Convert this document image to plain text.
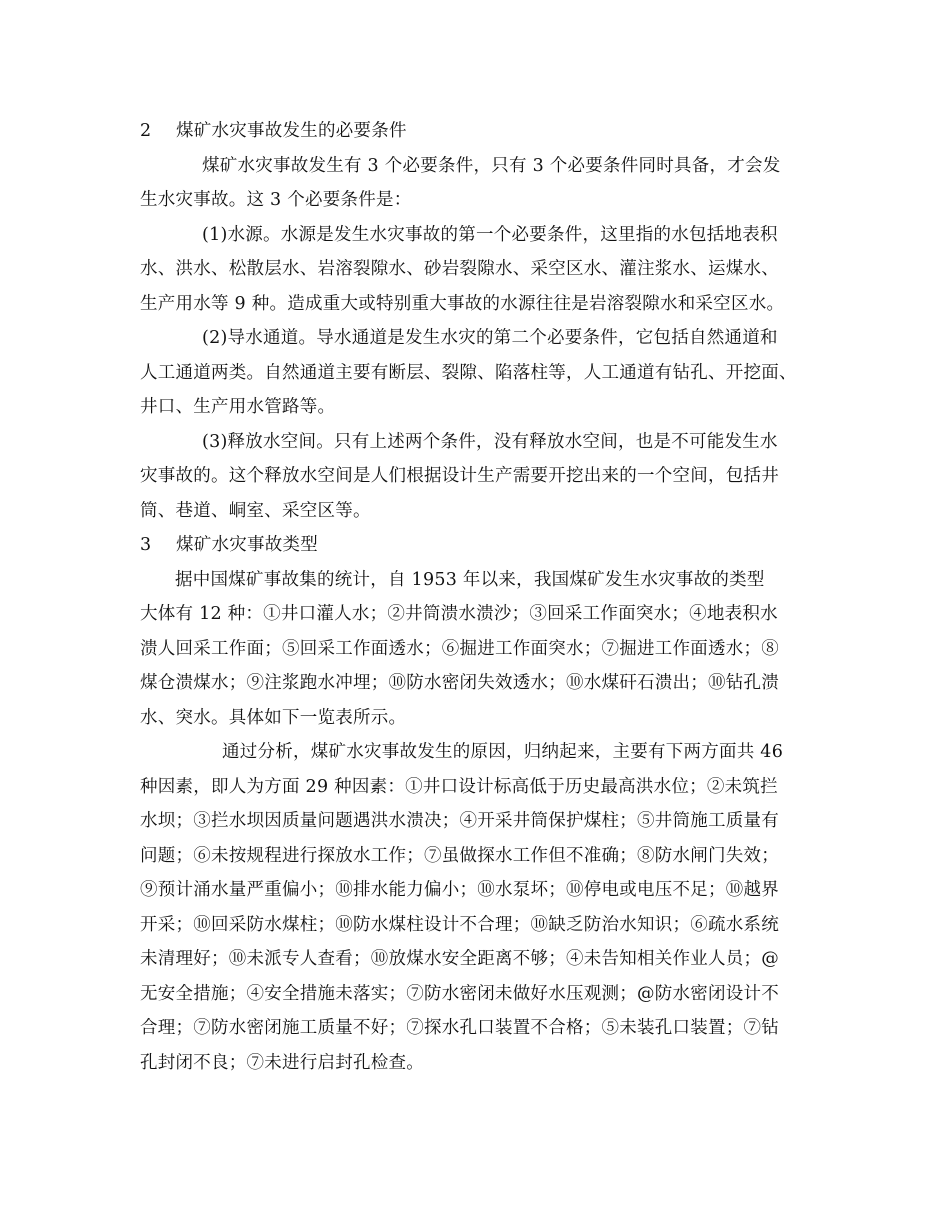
2 煤矿水灾事故发生的必要条件
煤矿水灾事故发生有 3 个必要条件，只有 3 个必要条件同时具备，才会发
生水灾事故。这 3 个必要条件是：
(1)水源。水源是发生水灾事故的第一个必要条件，这里指的水包括地表积
水、洪水、松散层水、岩溶裂隙水、砂岩裂隙水、采空区水、灌注浆水、运煤水、
生产用水等 9 种。造成重大或特别重大事故的水源往往是岩溶裂隙水和采空区水。
(2)导水通道。导水通道是发生水灾的第二个必要条件，它包括自然通道和
人工通道两类。自然通道主要有断层、裂隙、陷落柱等，人工通道有钻孔、开挖面、
井口、生产用水管路等。
(3)释放水空间。只有上述两个条件，没有释放水空间，也是不可能发生水
灾事故的。这个释放水空间是人们根据设计生产需要开挖出来的一个空间，包括井
筒、巷道、峒室、采空区等。
3 煤矿水灾事故类型
据中国煤矿事故集的统计，自 1953 年以来，我国煤矿发生水灾事故的类型
大体有 12 种：①井口灌人水；②井筒溃水溃沙；③回采工作面突水；④地表积水
溃人回采工作面；⑤回采工作面透水；⑥掘进工作面突水；⑦掘进工作面透水；⑧
煤仓溃煤水；⑨注浆跑水冲埋；⑩防水密闭失效透水；⑩水煤矸石溃出；⑩钻孔溃
水、突水。具体如下一览表所示。
通过分析，煤矿水灾事故发生的原因，归纳起来，主要有下两方面共 46
种因素，即人为方面 29 种因素：①井口设计标高低于历史最高洪水位；②未筑拦
水坝；③拦水坝因质量问题遇洪水溃决；④开采井筒保护煤柱；⑤井筒施工质量有
问题；⑥未按规程进行探放水工作；⑦虽做探水工作但不准确；⑧防水闸门失效；
⑨预计涌水量严重偏小；⑩排水能力偏小；⑩水泵坏；⑩停电或电压不足；⑩越界
开采；⑩回采防水煤柱；⑩防水煤柱设计不合理；⑩缺乏防治水知识；⑥疏水系统
未清理好；⑩未派专人查看；⑩放煤水安全距离不够；④未告知相关作业人员；@
无安全措施；④安全措施未落实；⑦防水密闭未做好水压观测；@防水密闭设计不
合理；⑦防水密闭施工质量不好；⑦探水孔口装置不合格；⑤未装孔口装置；⑦钻
孔封闭不良；⑦未进行启封孔检查。
